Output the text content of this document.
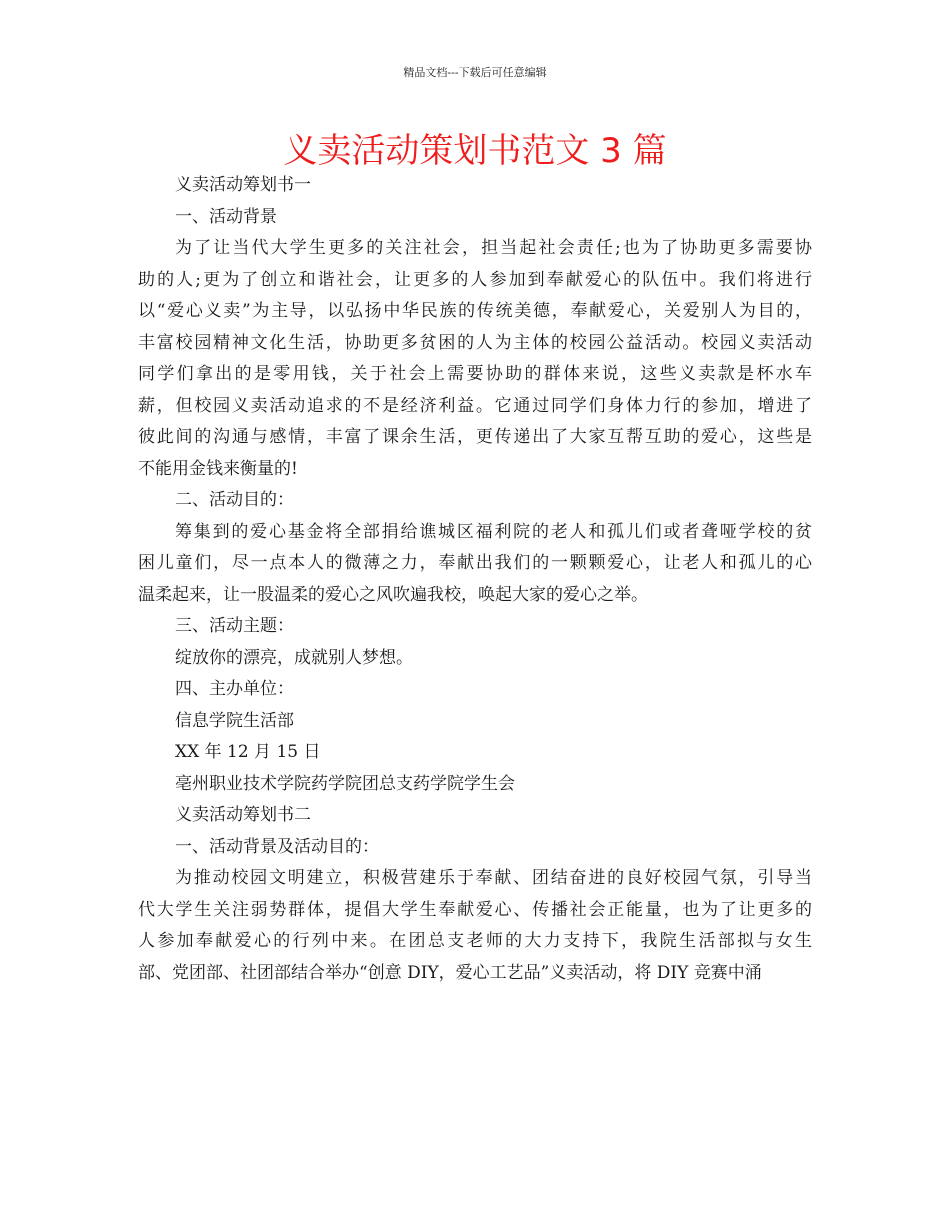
精品文档---下载后可任意编辑
义卖活动策划书范文 3 篇

义卖活动筹划书一

一、活动背景

为了让当代大学生更多的关注社会，担当起社会责任;也为了协助更多需要协

助的人;更为了创立和谐社会，让更多的人参加到奉献爱心的队伍中。我们将进行

以“爱心义卖”为主导，以弘扬中华民族的传统美德，奉献爱心，关爱别人为目的，

丰富校园精神文化生活，协助更多贫困的人为主体的校园公益活动。校园义卖活动

同学们拿出的是零用钱，关于社会上需要协助的群体来说，这些义卖款是杯水车

薪，但校园义卖活动追求的不是经济利益。它通过同学们身体力行的参加，增进了

彼此间的沟通与感情，丰富了课余生活，更传递出了大家互帮互助的爱心，这些是

不能用金钱来衡量的!

二、活动目的：

筹集到的爱心基金将全部捐给谯城区福利院的老人和孤儿们或者聋哑学校的贫

困儿童们，尽一点本人的微薄之力，奉献出我们的一颗颗爱心，让老人和孤儿的心

温柔起来，让一股温柔的爱心之风吹遍我校，唤起大家的爱心之举。

三、活动主题：

绽放你的漂亮，成就别人梦想。

四、主办单位：

信息学院生活部

XX 年 12 月 15 日

亳州职业技术学院药学院团总支药学院学生会

义卖活动筹划书二

一、活动背景及活动目的：

为推动校园文明建立，积极营建乐于奉献、团结奋进的良好校园气氛，引导当

代大学生关注弱势群体，提倡大学生奉献爱心、传播社会正能量，也为了让更多的

人参加奉献爱心的行列中来。在团总支老师的大力支持下，我院生活部拟与女生

部、党团部、社团部结合举办“创意 DIY，爱心工艺品”义卖活动，将 DIY 竞赛中涌
